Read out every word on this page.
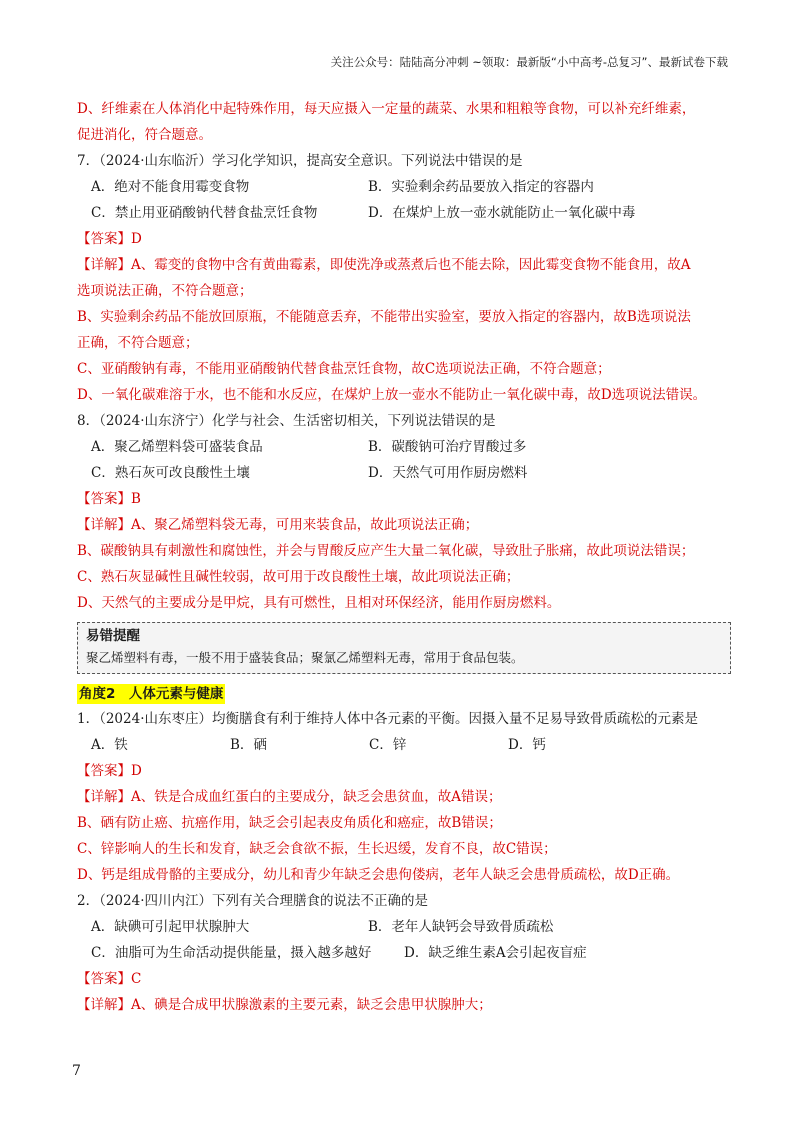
关注公众号：陆陆高分冲刺 ~领取：最新版“小中高考-总复习”、最新试卷下载
D、纤维素在人体消化中起特殊作用，每天应摄入一定量的蔬菜、水果和粗粮等食物，可以补充纤维素，
促进消化，符合题意。
7．（2024·山东临沂）学习化学知识，提高安全意识。下列说法中错误的是
A．绝对不能食用霉变食物	B．实验剩余药品要放入指定的容器内
C．禁止用亚硝酸钠代替食盐烹饪食物	D．在煤炉上放一壶水就能防止一氧化碳中毒
【答案】D
【详解】A、霉变的食物中含有黄曲霉素，即使洗净或蒸煮后也不能去除，因此霉变食物不能食用，故A
选项说法正确，不符合题意；
B、实验剩余药品不能放回原瓶，不能随意丢弃，不能带出实验室，要放入指定的容器内，故B选项说法
正确，不符合题意；
C、亚硝酸钠有毒，不能用亚硝酸钠代替食盐烹饪食物，故C选项说法正确，不符合题意；
D、一氧化碳难溶于水，也不能和水反应，在煤炉上放一壶水不能防止一氧化碳中毒，故D选项说法错误。
8．（2024·山东济宁）化学与社会、生活密切相关，下列说法错误的是
A．聚乙烯塑料袋可盛装食品	B．碳酸钠可治疗胃酸过多
C．熟石灰可改良酸性土壤	D．天然气可用作厨房燃料
【答案】B
【详解】A、聚乙烯塑料袋无毒，可用来装食品，故此项说法正确；
B、碳酸钠具有刺激性和腐蚀性，并会与胃酸反应产生大量二氧化碳，导致肚子胀痛，故此项说法错误；
C、熟石灰显碱性且碱性较弱，故可用于改良酸性土壤，故此项说法正确；
D、天然气的主要成分是甲烷，具有可燃性，且相对环保经济，能用作厨房燃料。
易错提醒
聚乙烯塑料有毒，一般不用于盛装食品；聚氯乙烯塑料无毒，常用于食品包装。
角度2　人体元素与健康
1．（2024·山东枣庄）均衡膳食有利于维持人体中各元素的平衡。因摄入量不足易导致骨质疏松的元素是
A．铁	B．硒	C．锌	D．钙
【答案】D
【详解】A、铁是合成血红蛋白的主要成分，缺乏会患贫血，故A错误；
B、硒有防止癌、抗癌作用，缺乏会引起表皮角质化和癌症，故B错误；
C、锌影响人的生长和发育，缺乏会食欲不振，生长迟缓，发育不良，故C错误；
D、钙是组成骨骼的主要成分，幼儿和青少年缺乏会患佝偻病，老年人缺乏会患骨质疏松，故D正确。
2．（2024·四川内江）下列有关合理膳食的说法不正确的是
A．缺碘可引起甲状腺肿大	B．老年人缺钙会导致骨质疏松
C．油脂可为生命活动提供能量，摄入越多越好	D．缺乏维生素A会引起夜盲症
【答案】C
【详解】A、碘是合成甲状腺激素的主要元素，缺乏会患甲状腺肿大；
7
